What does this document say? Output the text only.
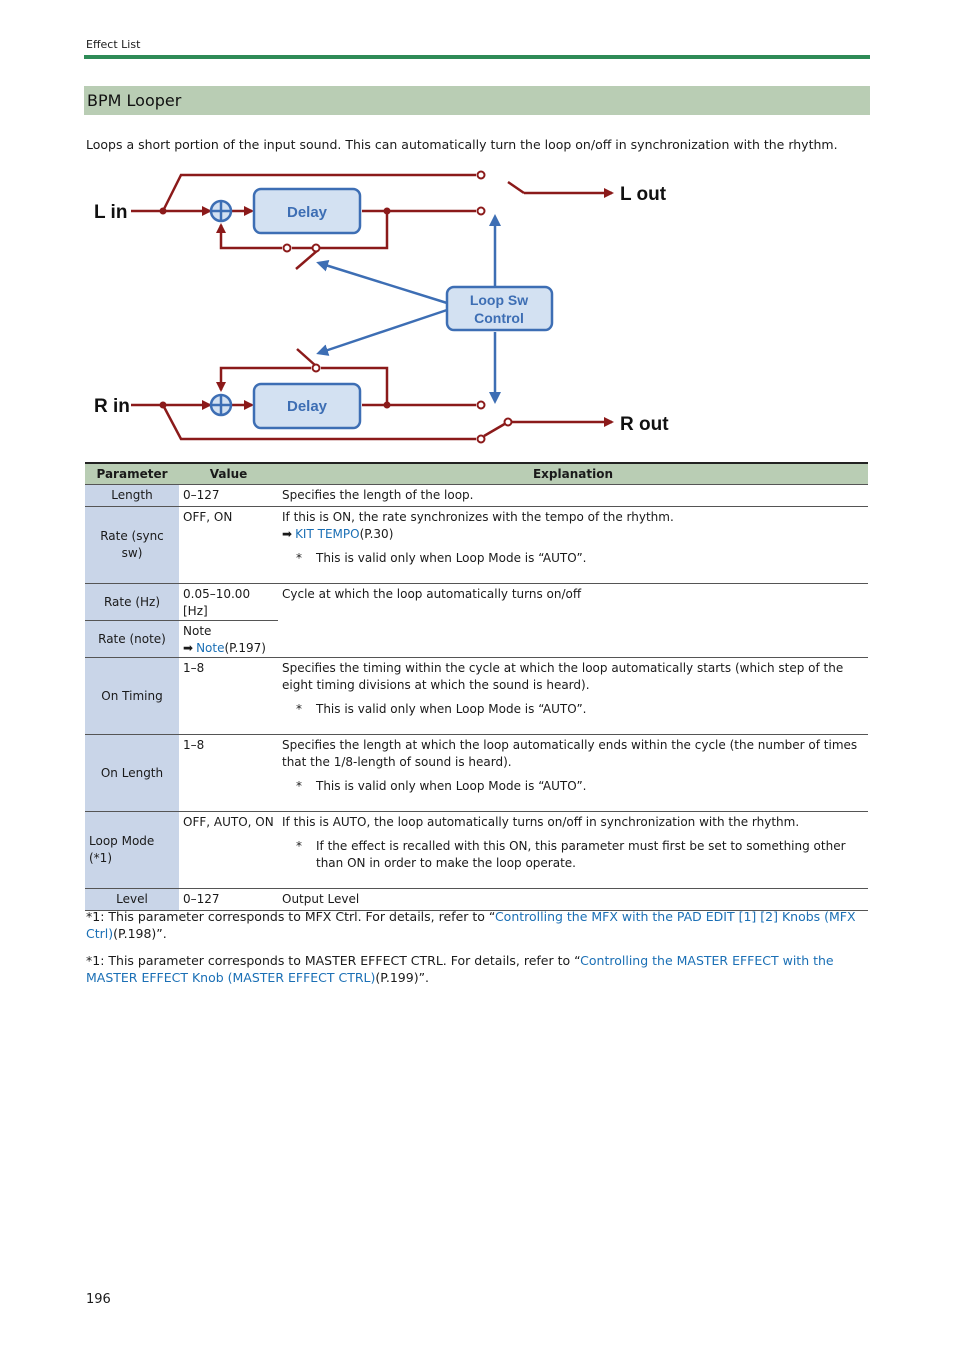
Effect List
BPM Looper
Loops a short portion of the input sound. This can automatically turn the loop on/off in synchronization with the rhythm.
Delay
L in
L out
Delay
R in
R out
Loop Sw
Control
Parameter	Value	Explanation
Length	0–127	Specifies the length of the loop.
Rate (sync sw)	OFF, ON	If this is ON, the rate synchronizes with the tempo of the rhythm.
➡ KIT TEMPO(P.30)
* This is valid only when Loop Mode is “AUTO”.

Rate (Hz)	0.05–10.00 [Hz]	Cycle at which the loop automatically turns on/off
Rate (note)	Note
➡ Note(P.197)	

On Timing	1–8	Specifies the timing within the cycle at which the loop automatically starts (which step of the eight timing divisions at which the sound is heard).
* This is valid only when Loop Mode is “AUTO”.

On Length	1–8	Specifies the length at which the loop automatically ends within the cycle (the number of times that the 1/8-length of sound is heard).
* This is valid only when Loop Mode is “AUTO”.

Loop Mode (*1)	OFF, AUTO, ON	If this is AUTO, the loop automatically turns on/off in synchronization with the rhythm.
* If the effect is recalled with this ON, this parameter must first be set to something other than ON in order to make the loop operate.

Level	0–127	Output Level
*1: This parameter corresponds to MFX Ctrl. For details, refer to “Controlling the MFX with the PAD EDIT [1] [2] Knobs (MFX Ctrl)(P.198)”.
*1: This parameter corresponds to MASTER EFFECT CTRL. For details, refer to “Controlling the MASTER EFFECT with the MASTER EFFECT Knob (MASTER EFFECT CTRL)(P.199)”.
196
